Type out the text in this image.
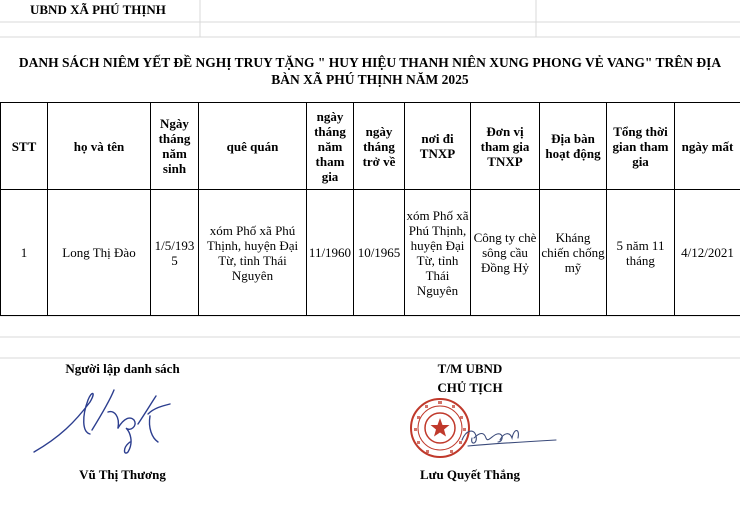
UBND XÃ PHÚ THỊNH
DANH SÁCH NIÊM YẾT ĐỀ NGHỊ TRUY TẶNG " HUY HIỆU THANH NIÊN XUNG PHONG VẺ VANG" TRÊN ĐỊA
BÀN XÃ PHÚ THỊNH NĂM 2025
STT	họ và tên	Ngày tháng năm sinh	quê quán	ngày tháng năm tham gia	ngày tháng trở về	nơi đi TNXP	Đơn vị tham gia TNXP	Địa bàn hoạt động	Tổng thời gian tham gia	ngày mất
1	Long Thị Đào	1/5/1935	xóm Phố xã Phú Thịnh, huyện Đại Từ, tỉnh Thái Nguyên	11/1960	10/1965	xóm Phố xã Phú Thịnh, huyện Đại Từ, tỉnh Thái Nguyên	Công ty chè sông cầu Đồng Hỷ	Kháng chiến chống mỹ	5 năm 11 tháng	4/12/2021
Người lập danh sách
Vũ Thị Thương
T/M UBND
CHỦ TỊCH
Lưu Quyết Thắng
